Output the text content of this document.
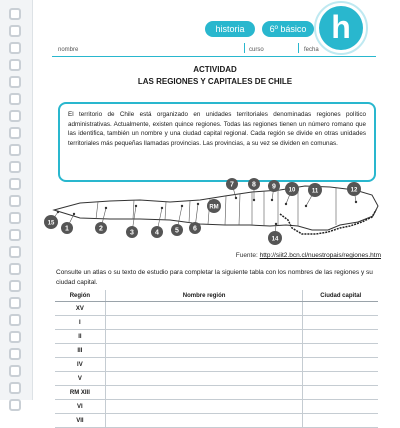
historia	6º básico h
nombre	curso	fecha
ACTIVIDAD
LAS REGIONES Y CAPITALES DE CHILE
El territorio de Chile está organizado en unidades territoriales denominadas regiones político administrativas. Actualmente, existen quince regiones. Todas las regiones tienen un número romano que las identifica, también un nombre y una ciudad capital regional. Cada región se divide en otras unidades territoriales más pequeñas llamadas provincias. Las provincias, a su vez se dividen en comunas.
15
1	2
3	4 5 6
RM
7	8 9 10
14
11	12
Fuente: http://siit2.bcn.cl/nuestropais/regiones.htm
Consulte un atlas o su texto de estudio para completar la siguiente tabla con los nombres de las regiones y su ciudad capital.
Región	Nombre región	Ciudad capital
XV		
I		
II		
III		
IV		
V		
RM XIII		
VI		
VII		
